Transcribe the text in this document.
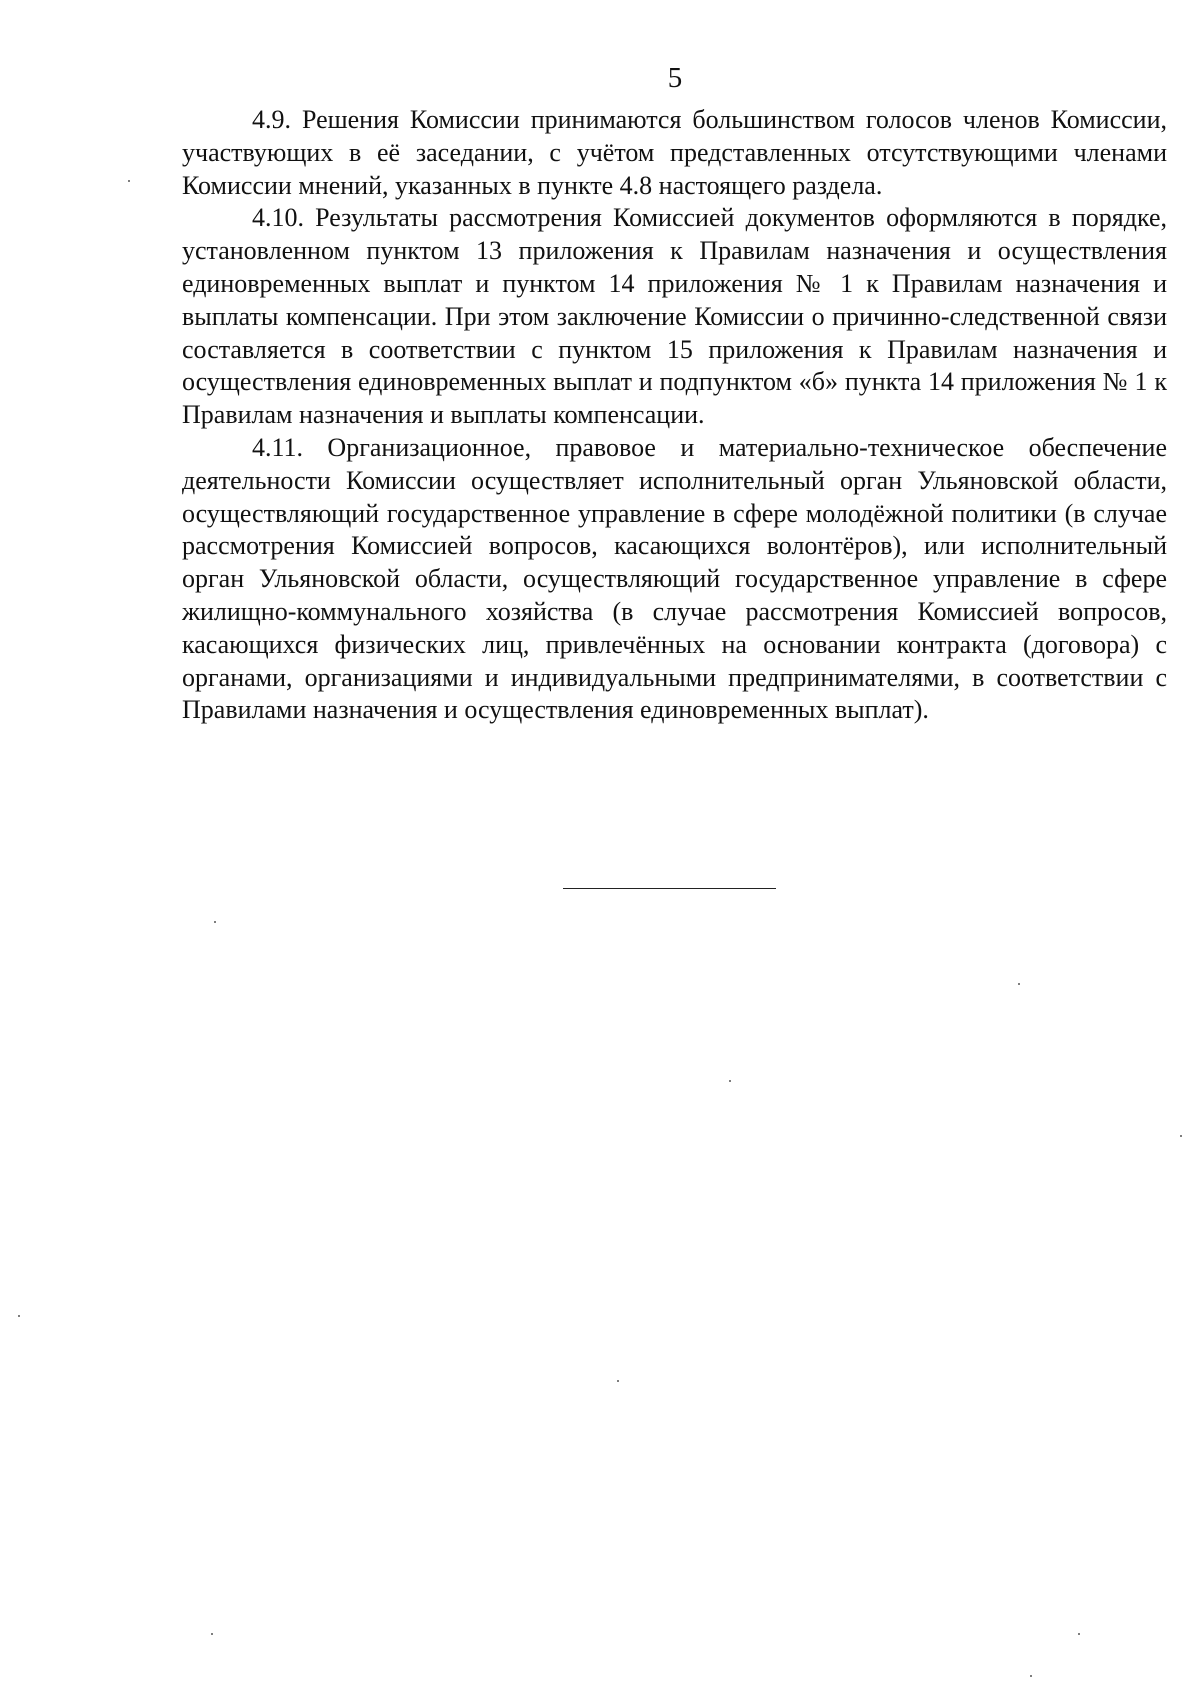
5

4.9. Решения Комиссии принимаются большинством голосов членов Комиссии, участвующих в её заседании, с учётом представленных отсутствующими членами Комиссии мнений, указанных в пункте 4.8 настоящего раздела.

4.10. Результаты рассмотрения Комиссией документов оформляются в порядке, установленном пунктом 13 приложения к Правилам назначения и осуществления единовременных выплат и пунктом 14 приложения № 1 к Правилам назначения и выплаты компенсации. При этом заключение Комиссии о причинно-следственной связи составляется в соответствии с пунктом 15 приложения к Правилам назначения и осуществления единовременных выплат и подпунктом «б» пункта 14 приложения № 1 к Правилам назначения и выплаты компенсации.

4.11. Организационное, правовое и материально-техническое обеспечение деятельности Комиссии осуществляет исполнительный орган Ульяновской области, осуществляющий государственное управление в сфере молодёжной политики (в случае рассмотрения Комиссией вопросов, касающихся волонтёров), или исполнительный орган Ульяновской области, осуществляющий государственное управление в сфере жилищно-коммунального хозяйства (в случае рассмотрения Комиссией вопросов, касающихся физических лиц, привлечённых на основании контракта (договора) с органами, организациями и индивидуальными предпринимателями, в соответствии с Правилами назначения и осуществления единовременных выплат).
